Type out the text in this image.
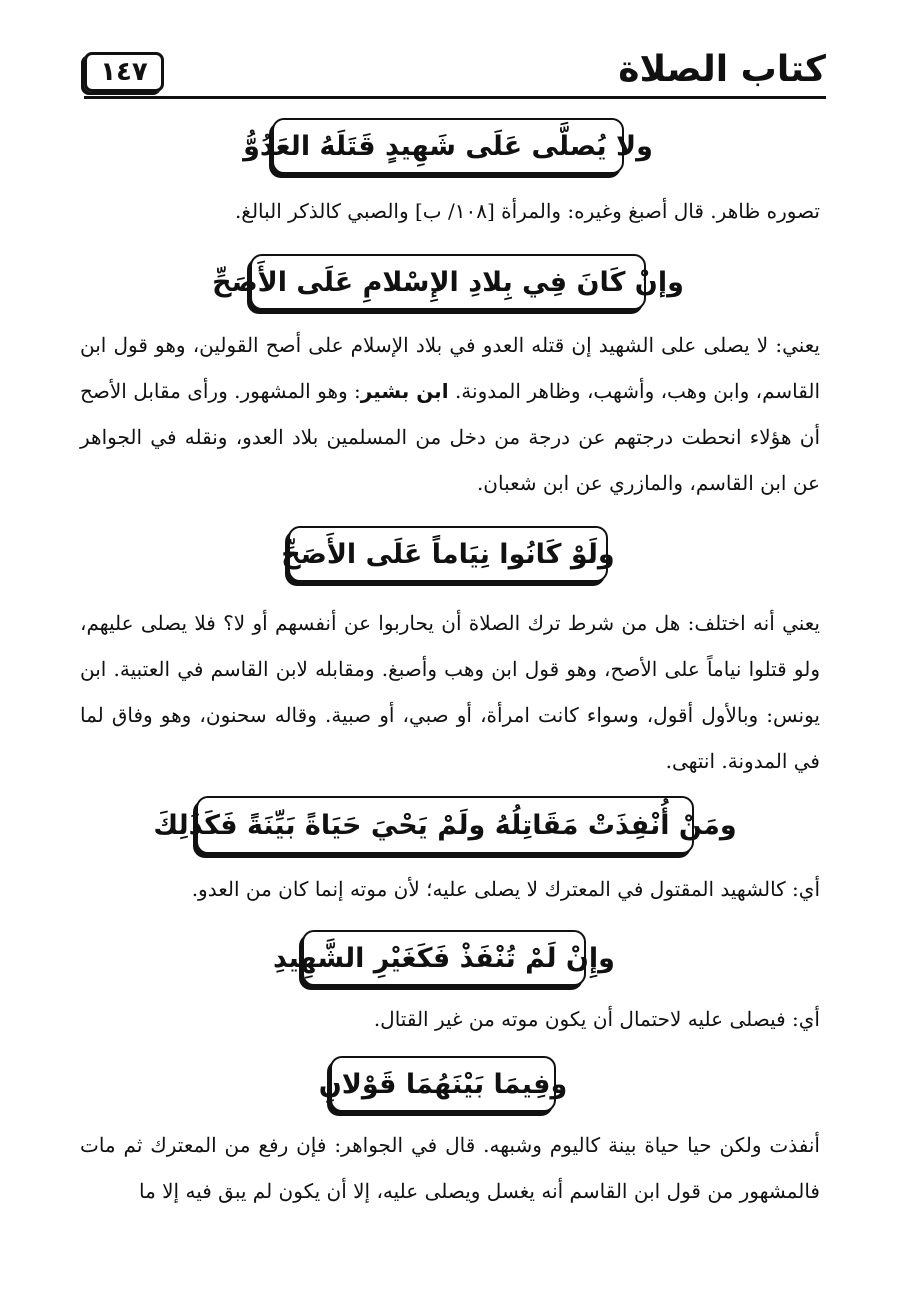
كتاب الصلاة
١٤٧
ولا يُصلَّى عَلَى شَهِيدٍ قَتَلَهُ العَدُوُّ
تصوره ظاهر. قال أصبغ وغيره: والمرأة [١٠٨/ ب] والصبي كالذكر البالغ.
وإنْ كَانَ فِي بِلادِ الإِسْلامِ عَلَى الأَصَحِّ
يعني: لا يصلى على الشهيد إن قتله العدو في بلاد الإسلام على أصح القولين، وهو قول ابن القاسم، وابن وهب، وأشهب، وظاهر المدونة. ابن بشير: وهو المشهور. ورأى مقابل الأصح أن هؤلاء انحطت درجتهم عن درجة من دخل من المسلمين بلاد العدو، ونقله في الجواهر عن ابن القاسم، والمازري عن ابن شعبان.
ولَوْ كَانُوا نِيَاماً عَلَى الأَصَحِّ
يعني أنه اختلف: هل من شرط ترك الصلاة أن يحاربوا عن أنفسهم أو لا؟ فلا يصلى عليهم، ولو قتلوا نياماً على الأصح، وهو قول ابن وهب وأصبغ. ومقابله لابن القاسم في العتبية. ابن يونس: وبالأول أقول، وسواء كانت امرأة، أو صبي، أو صبية. وقاله سحنون، وهو وفاق لما في المدونة. انتهى.
ومَنْ أُنْفِذَتْ مَقَاتِلُهُ ولَمْ يَحْيَ حَيَاةً بَيِّنَةً فَكَذَلِكَ
أي: كالشهيد المقتول في المعترك لا يصلى عليه؛ لأن موته إنما كان من العدو.
وإِنْ لَمْ تُنْفَذْ فَكَغَيْرِ الشَّهِيدِ
أي: فيصلى عليه لاحتمال أن يكون موته من غير القتال.
وفِيمَا بَيْنَهُمَا قَوْلانِ
أنفذت ولكن حيا حياة بينة كاليوم وشبهه. قال في الجواهر: فإن رفع من المعترك ثم مات فالمشهور من قول ابن القاسم أنه يغسل ويصلى عليه، إلا أن يكون لم يبق فيه إلا ما
